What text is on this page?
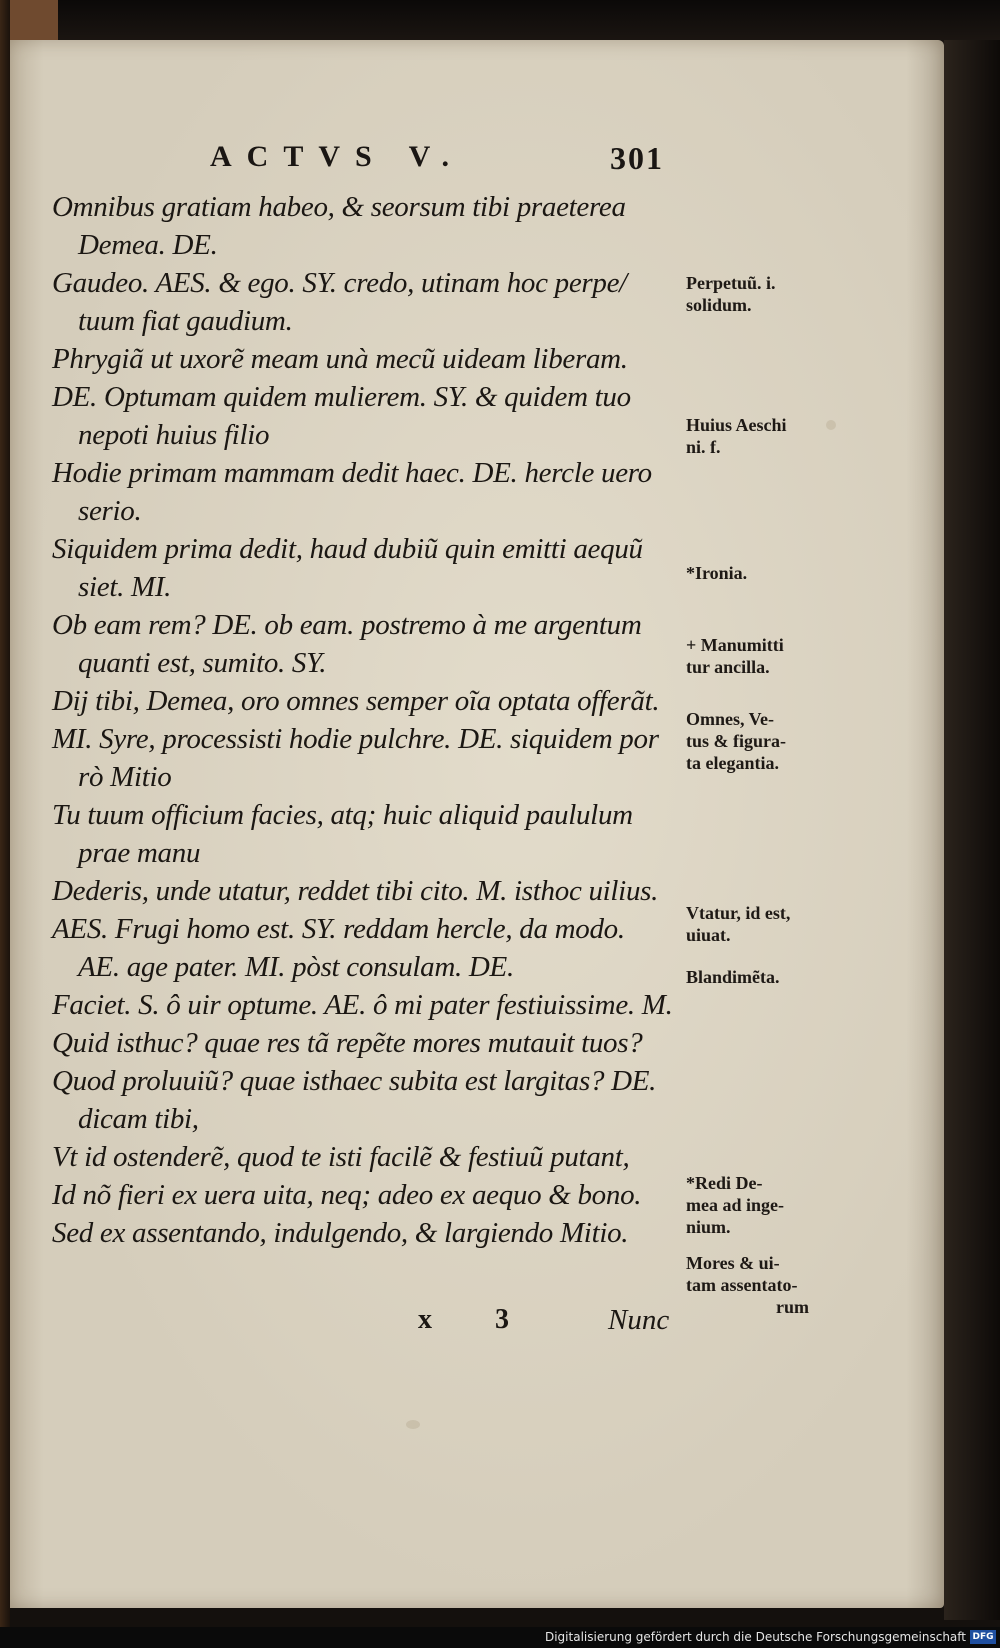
ACTVS V.	301
Omnibus gratiam habeo, & seorsum tibi praeterea
Demea. DE.
Gaudeo. AES. & ego. SY. credo, utinam hoc perpe/
tuum fiat gaudium.
Phrygiã ut uxorẽ meam unà mecũ uideam liberam.
DE. Optumam quidem mulierem. SY. & quidem tuo
nepoti huius filio
Hodie primam mammam dedit haec. DE. hercle uero
serio.
Siquidem prima dedit, haud dubiũ quin emitti aequũ
siet. MI.
Ob eam rem? DE. ob eam. postremo à me argentum
quanti est, sumito. SY.
Dij tibi, Demea, oro omnes semper oĩa optata offerãt.
MI. Syre, processisti hodie pulchre. DE. siquidem por
rò Mitio
Tu tuum officium facies, atq; huic aliquid paululum
prae manu
Dederis, unde utatur, reddet tibi cito. M. isthoc uilius.
AES. Frugi homo est. SY. reddam hercle, da modo.
AE. age pater. MI. pòst consulam. DE.
Faciet. S. ô uir optume. AE. ô mi pater festiuissime. M.
Quid isthuc? quae res tã repẽte mores mutauit tuos?
Quod proluuiũ? quae isthaec subita est largitas? DE.
dicam tibi,
Vt id ostenderẽ, quod te isti facilẽ & festiuũ putant,
Id nõ fieri ex uera uita, neq; adeo ex aequo & bono.
Sed ex assentando, indulgendo, & largiendo Mitio.
Perpetuũ. i.
solidum.
Huius Aeschi
ni. f.
*Ironia.
+ Manumitti
tur ancilla.
Omnes, Ve-
tus & figura-
ta elegantia.
Vtatur, id est,
uiuat.
Blandimẽta.
*Redi De-
mea ad inge-
nium.
Mores & ui-
tam assentato-
rum
x 3 Nunc
Digitalisierung gefördert durch die Deutsche Forschungsgemeinschaft DFG
